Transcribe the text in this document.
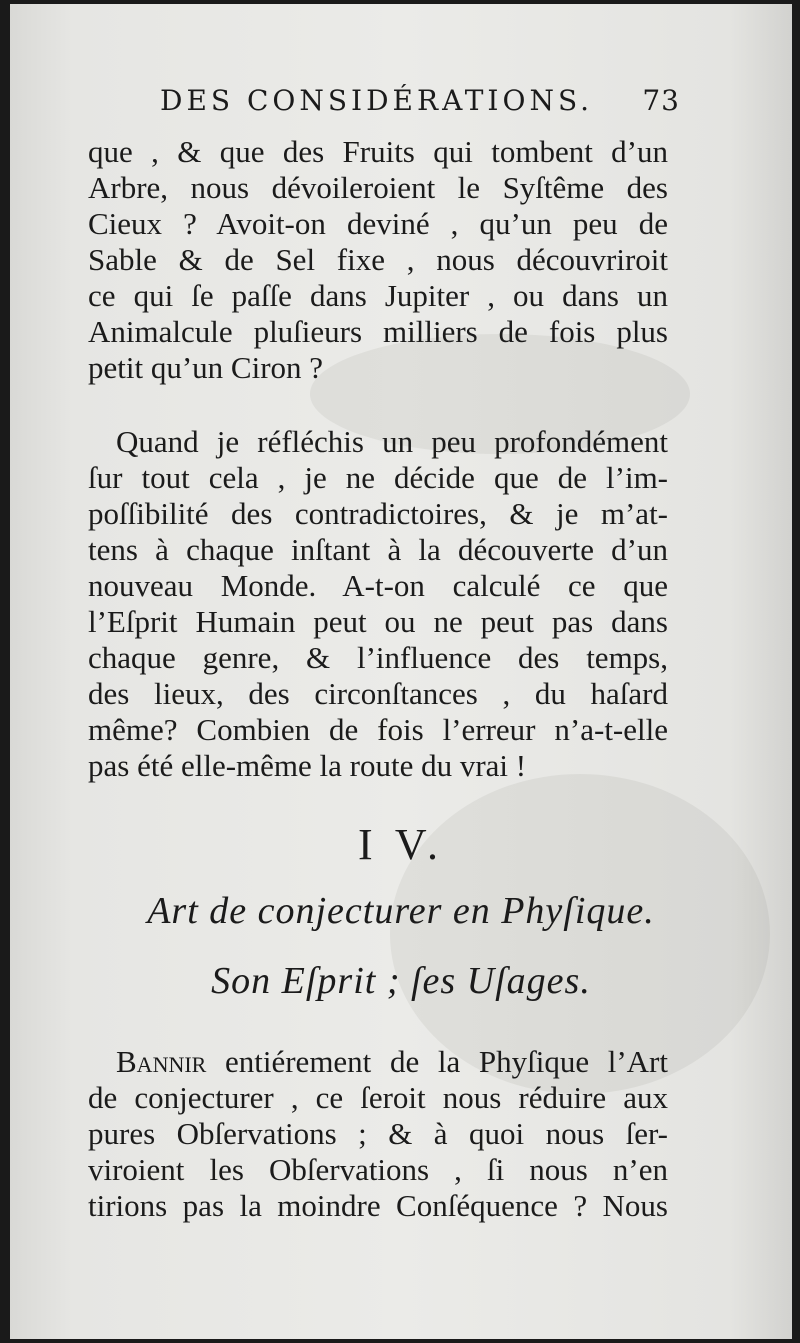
DES CONSIDÉRATIONS. 73
que , & que des Fruits qui tombent d’un
Arbre, nous dévoileroient le Syſtême des
Cieux ? Avoit-on deviné , qu’un peu de
Sable & de Sel fixe , nous découvriroit
ce qui ſe paſſe dans Jupiter , ou dans un
Animalcule pluſieurs milliers de fois plus
petit qu’un Ciron ?
Quand je réfléchis un peu profondément
ſur tout cela , je ne décide que de l’im-
poſſibilité des contradictoires, & je m’at-
tens à chaque inſtant à la découverte d’un
nouveau Monde. A-t-on calculé ce que
l’Eſprit Humain peut ou ne peut pas dans
chaque genre, & l’influence des temps,
des lieux, des circonſtances , du haſard
même? Combien de fois l’erreur n’a-t-elle
pas été elle-même la route du vrai !
I V.
Art de conjecturer en Phyſique.
Son Eſprit ; ſes Uſages.
Bannir entiérement de la Phyſique l’Art
de conjecturer , ce ſeroit nous réduire aux
pures Obſervations ; & à quoi nous ſer-
viroient les Obſervations , ſi nous n’en
tirions pas la moindre Conſéquence ? Nous
